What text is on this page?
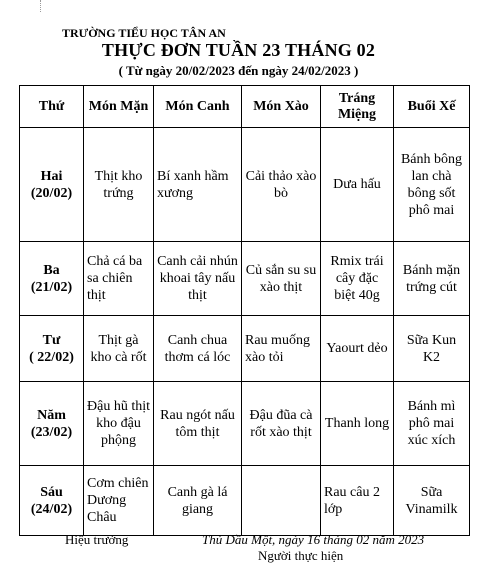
TRƯỜNG TIỂU HỌC TÂN AN
THỰC ĐƠN TUẦN 23 THÁNG 02
( Từ ngày 20/02/2023 đến ngày 24/02/2023 )
Thứ	Món Mặn	Món Canh	Món Xào	Tráng Miệng	Buổi Xế

Hai
(20/02)	Thịt kho trứng	Bí xanh hầm xương	Cải thảo xào bò	Dưa hấu	Bánh bông lan chà bông sốt phô mai

Ba
(21/02)	Chả cá ba sa chiên thịt	Canh cải nhún khoai tây nấu thịt	Củ sắn su su xào thịt	Rmix trái cây đặc biệt 40g	Bánh mặn trứng cút

Tư
( 22/02)	Thịt gà kho cà rốt	Canh chua thơm cá lóc	Rau muống xào tỏi	Yaourt dẻo	Sữa Kun K2

Năm
(23/02)	Đậu hũ thịt kho đậu phộng	Rau ngót nấu tôm thịt	Đậu đũa cà rốt xào thịt	Thanh long	Bánh mì phô mai xúc xích

Sáu
(24/02)	Cơm chiên Dương Châu	Canh gà lá giang		Rau câu 2 lớp	Sữa Vinamilk
Hiệu trưởng	Thủ Dầu Một, ngày 16 tháng 02 năm 2023
Người thực hiện
